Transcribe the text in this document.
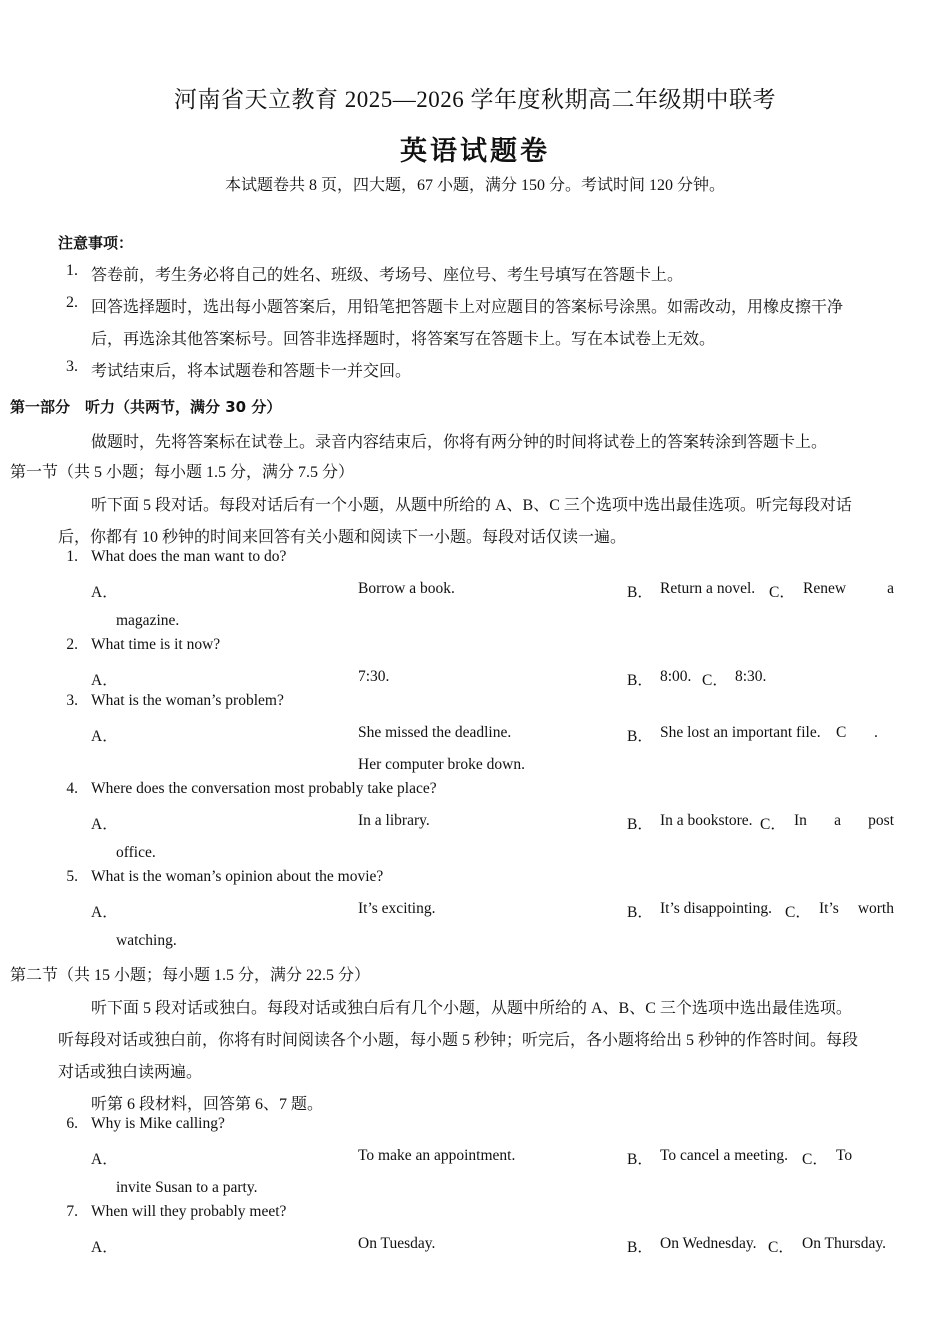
河南省天立教育 2025—2026 学年度秋期高二年级期中联考
英语试题卷
本试题卷共 8 页，四大题，67 小题，满分 150 分。考试时间 120 分钟。
注意事项：
1. 答卷前，考生务必将自己的姓名、班级、考场号、座位号、考生号填写在答题卡上。
2. 回答选择题时，选出每小题答案后，用铅笔把答题卡上对应题目的答案标号涂黑。如需改动，用橡皮擦干净
后，再选涂其他答案标号。回答非选择题时，将答案写在答题卡上。写在本试卷上无效。
3. 考试结束后，将本试题卷和答题卡一并交回。
第一部分　听力（共两节，满分 30 分）
做题时，先将答案标在试卷上。录音内容结束后，你将有两分钟的时间将试卷上的答案转涂到答题卡上。
第一节（共 5 小题；每小题 1.5 分，满分 7.5 分）
听下面 5 段对话。每段对话后有一个小题，从题中所给的 A、B、C 三个选项中选出最佳选项。听完每段对话
后，你都有 10 秒钟的时间来回答有关小题和阅读下一小题。每段对话仅读一遍。
1. What does the man want to do?
A．	Borrow a book.	B． Return a novel. C． Renew	a
magazine.
2. What time is it now?
A．	7:30.	B． 8:00. C． 8:30.
3. What is the woman’s problem?
A．	She missed the deadline.	B． She lost an important file. C .
Her computer broke down.
4. Where does the conversation most probably take place?
A．	In a library.	B． In a bookstore. C． In a post
office.
5. What is the woman’s opinion about the movie?
A．	It’s exciting.	B． It’s disappointing. C． It’s worth
watching.
第二节（共 15 小题；每小题 1.5 分，满分 22.5 分）
听下面 5 段对话或独白。每段对话或独白后有几个小题，从题中所给的 A、B、C 三个选项中选出最佳选项。
听每段对话或独白前，你将有时间阅读各个小题，每小题 5 秒钟；听完后，各小题将给出 5 秒钟的作答时间。每段
对话或独白读两遍。
听第 6 段材料，回答第 6、7 题。
6. Why is Mike calling?
A．	To make an appointment.	B． To cancel a meeting. C． To
invite Susan to a party.
7. When will they probably meet?
A．	On Tuesday.	B． On Wednesday. C． On Thursday.
